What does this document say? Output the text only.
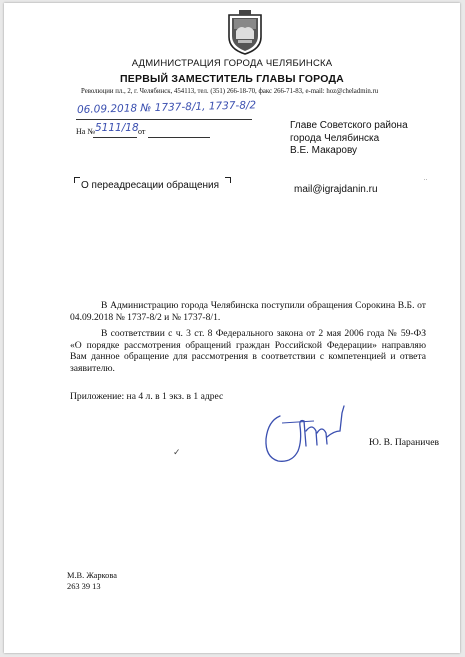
АДМИНИСТРАЦИЯ ГОРОДА ЧЕЛЯБИНСКА
ПЕРВЫЙ ЗАМЕСТИТЕЛЬ ГЛАВЫ ГОРОДА
Революции пл., 2, г. Челябинск, 454113, тел. (351) 266-18-70, факс 266-71-83, e-mail: hoz@cheladmin.ru
06.09.2018 № 1737-8/1, 1737-8/2
На №	от
5111/18	Главе Советского района
города Челябинска
В.Е. Макарову
О переадресации обращения	mail@igrajdanin.ru
В Администрацию города Челябинска поступили обращения Сорокина В.Б. от 04.09.2018 № 1737-8/2 и № 1737-8/1.
В соответствии с ч. 3 ст. 8 Федерального закона от 2 мая 2006 года № 59-ФЗ «О порядке рассмотрения обращений граждан Российской Федерации» направляю Вам данное обращение для рассмотрения в соответствии с компетенцией и ответа заявителю.
Приложение: на 4 л. в 1 экз. в 1 адрес
Ю. В. Параничев
✓
М.В. Жаркова
263 39 13
